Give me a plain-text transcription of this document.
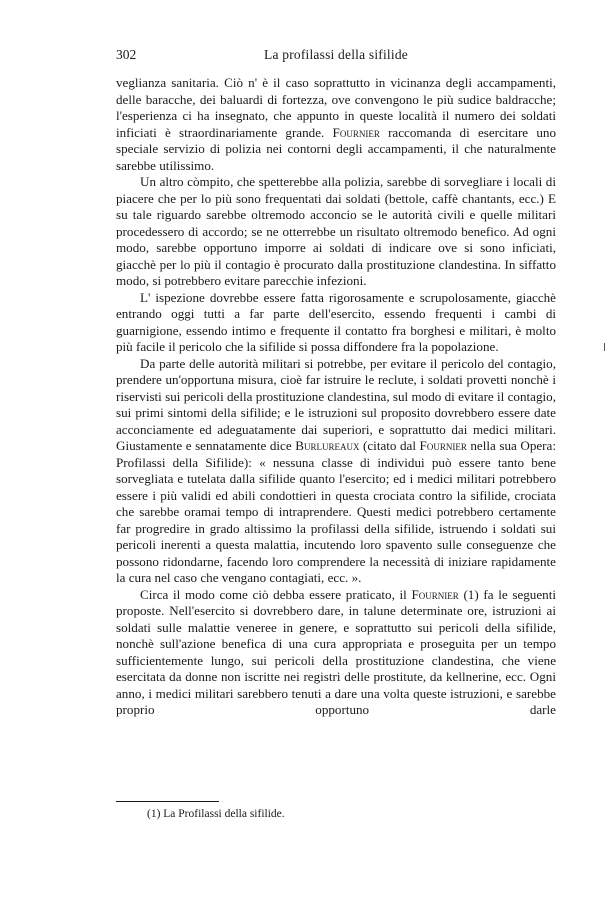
302	La profilassi della sifilide

veglianza sanitaria. Ciò n' è il caso soprattutto in vicinanza degli accampamenti, delle baracche, dei baluardi di fortezza, ove convengono le più sudice baldracche; l'esperienza ci ha insegnato, che appunto in queste località il numero dei soldati inficiati è straordinariamente grande. Fournier raccomanda di esercitare uno speciale servizio di polizia nei contorni degli accampamenti, il che naturalmente sarebbe utilissimo.

Un altro còmpito, che spetterebbe alla polizia, sarebbe di sorvegliare i locali di piacere che per lo più sono frequentati dai soldati (bettole, caffè chantants, ecc.) E su tale riguardo sarebbe oltremodo acconcio se le autorità civili e quelle militari procedessero di accordo; se ne otterrebbe un risultato oltremodo benefico. Ad ogni modo, sarebbe opportuno imporre ai soldati di indicare ove si sono inficiati, giacchè per lo più il contagio è procurato dalla prostituzione clandestina. In siffatto modo, si potrebbero evitare parecchie infezioni.

L' ispezione dovrebbe essere fatta rigorosamente e scrupolosamente, giacchè entrando oggi tutti a far parte dell'esercito, essendo frequenti i cambi di guarnigione, essendo intimo e frequente il contatto fra borghesi e militari, è molto più facile il pericolo che la sifilide si possa diffondere fra la popolazione.

Da parte delle autorità militari si potrebbe, per evitare il pericolo del contagio, prendere un'opportuna misura, cioè far istruire le reclute, i soldati provetti nonchè i riservisti sui pericoli della prostituzione clandestina, sul modo di evitare il contagio, sui primi sintomi della sifilide; e le istruzioni sul proposito dovrebbero essere date acconciamente ed adeguatamente dai superiori, e soprattutto dai medici militari. Giustamente e sennatamente dice Burlureaux (citato dal Fournier nella sua Opera: Profilassi della Sifilide): « nessuna classe di individui può essere tanto bene sorvegliata e tutelata dalla sifilide quanto l'esercito; ed i medici militari potrebbero essere i più validi ed abili condottieri in questa crociata contro la sifilide, crociata che sarebbe oramai tempo di intraprendere. Questi medici potrebbero certamente far progredire in grado altissimo la profilassi della sifilide, istruendo i soldati sui pericoli inerenti a questa malattia, incutendo loro spavento sulle conseguenze che possono ridondarne, facendo loro comprendere la necessità di iniziare rapidamente la cura nel caso che vengano contagiati, ecc. ».

Circa il modo come ciò debba essere praticato, il Fournier (1) fa le seguenti proposte. Nell'esercito si dovrebbero dare, in talune determinate ore, istruzioni ai soldati sulle malattie veneree in genere, e soprattutto sui pericoli della sifilide, nonchè sull'azione benefica di una cura appropriata e proseguita per un tempo sufficientemente lungo, sui pericoli della prostituzione clandestina, che viene esercitata da donne non iscritte nei registri delle prostitute, da kellnerine, ecc. Ogni anno, i medici militari sarebbero tenuti a dare una volta queste istruzioni, e sarebbe proprio opportuno darle

(1) La Profilassi della sifilide.
